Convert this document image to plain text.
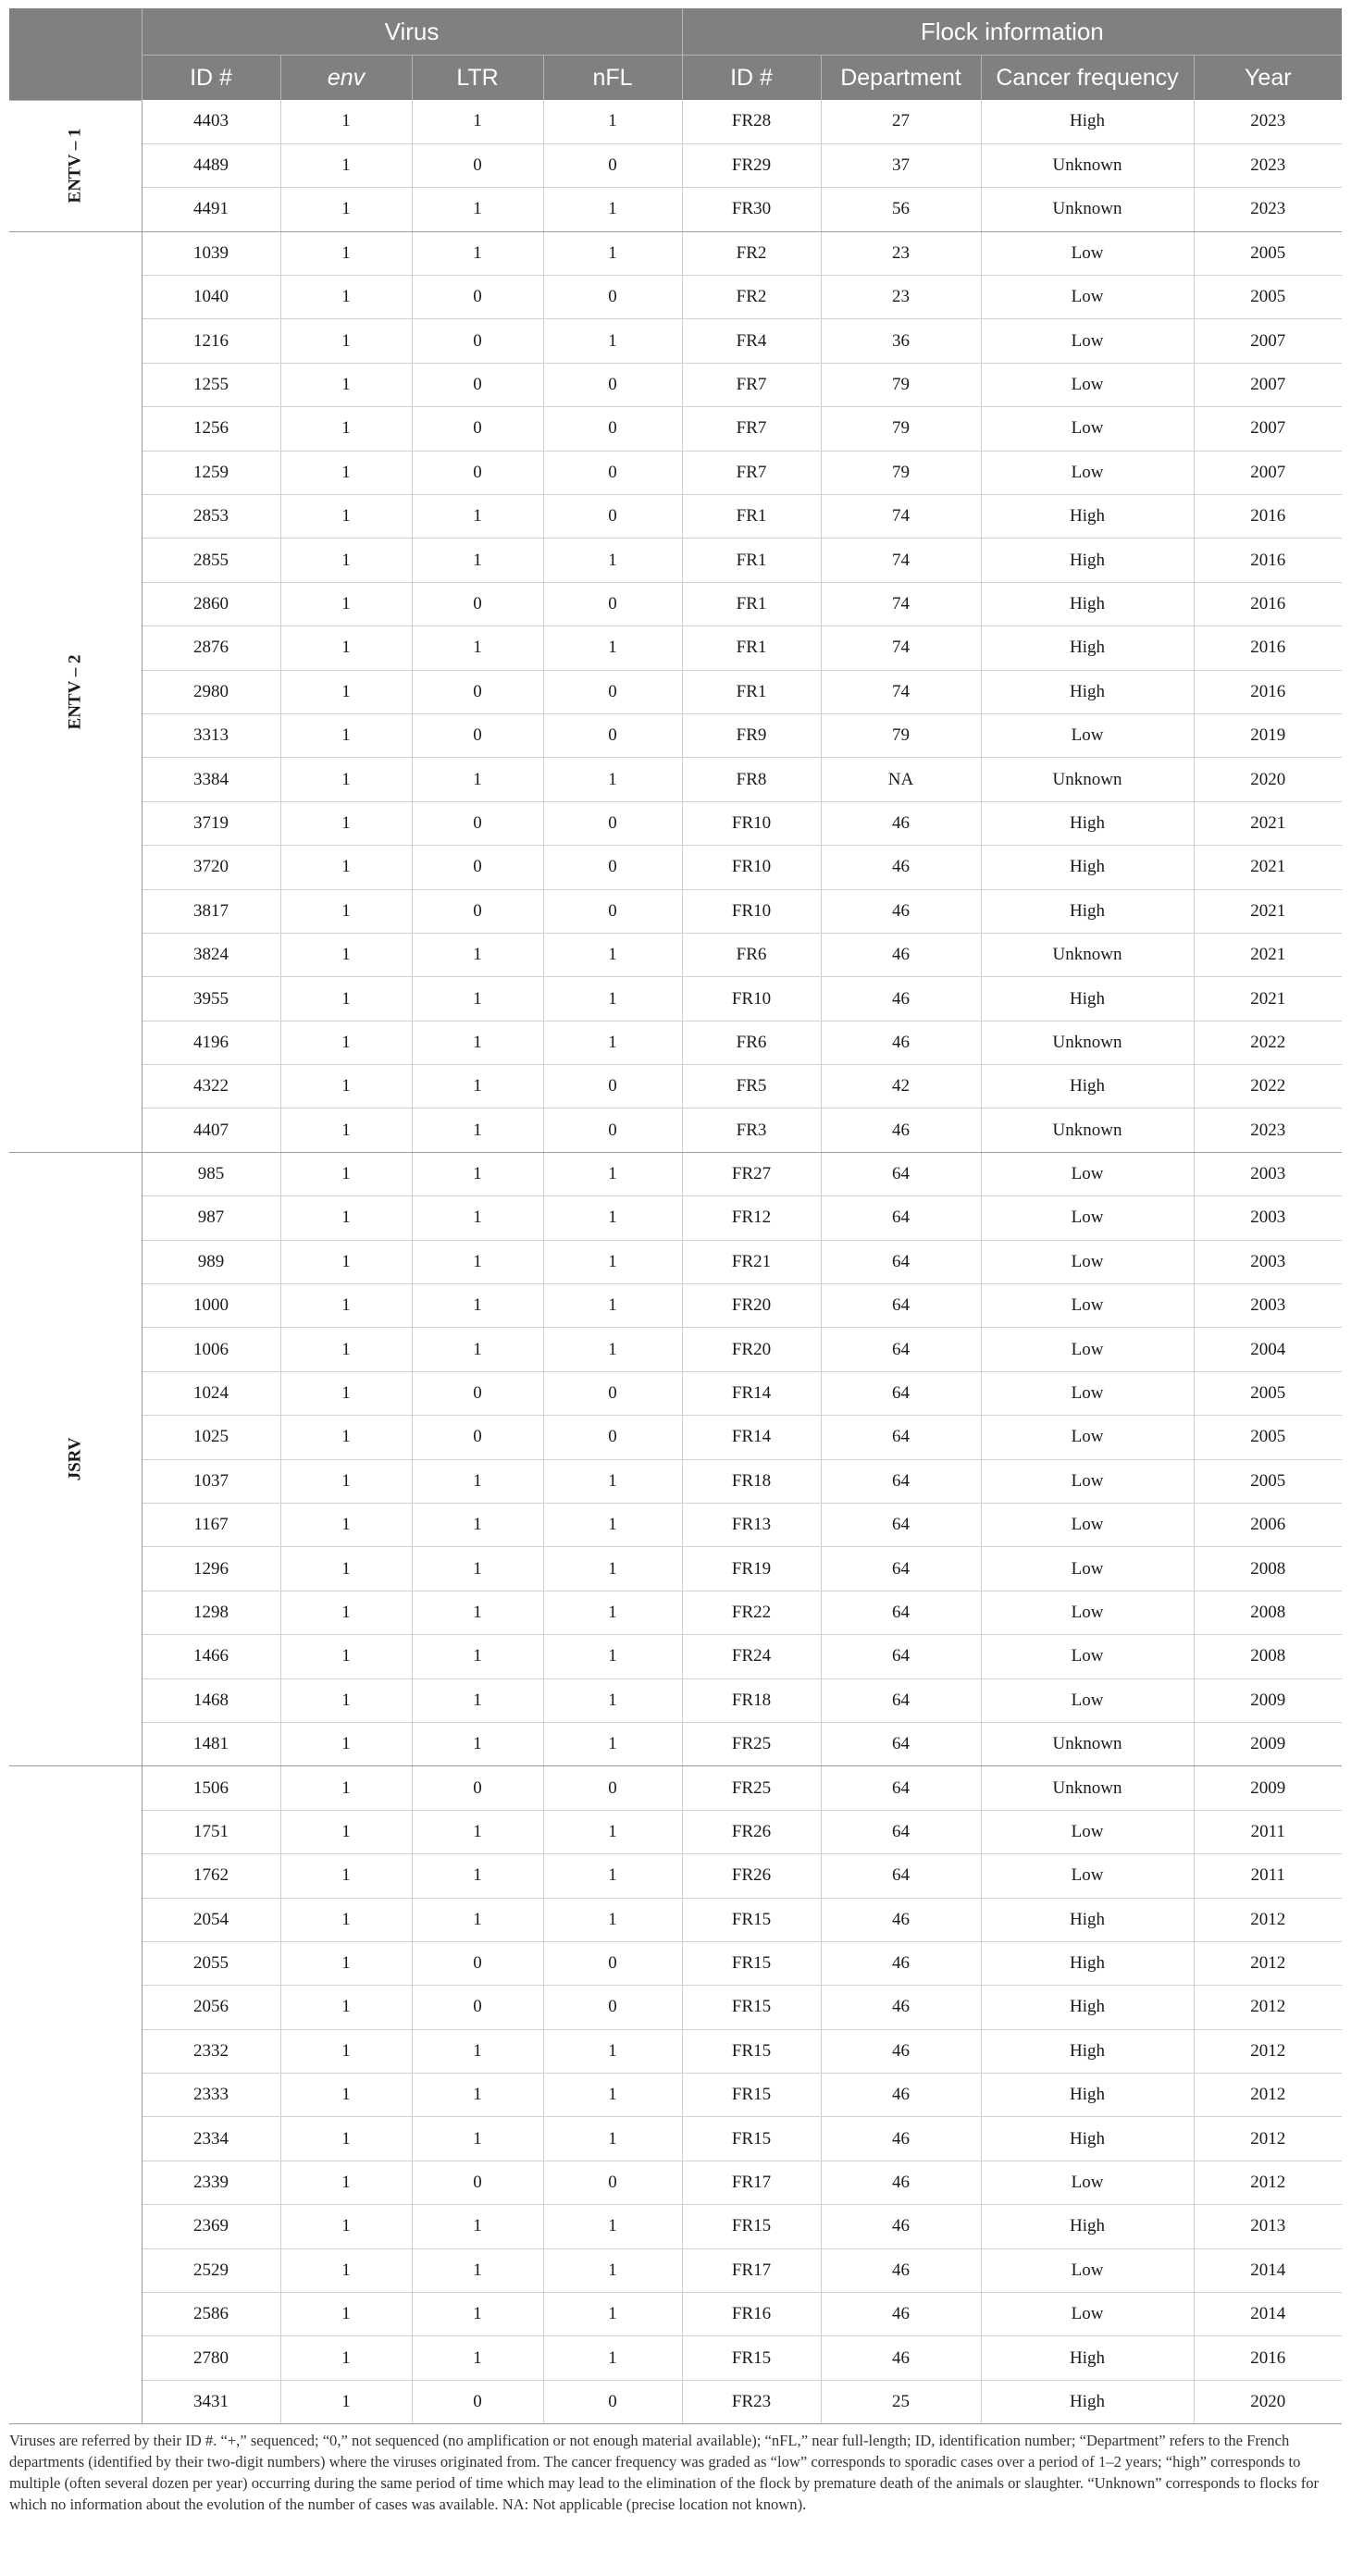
	Virus				Flock information			
	ID #	env	LTR	nFL	ID #	Department	Cancer frequency	Year
ENTV – 1	4403	1	1	1	FR28	27	High	2023
	4489	1	0	0	FR29	37	Unknown	2023
	4491	1	1	1	FR30	56	Unknown	2023
ENTV – 2	1039	1	1	1	FR2	23	Low	2005
	1040	1	0	0	FR2	23	Low	2005
	1216	1	0	1	FR4	36	Low	2007
	1255	1	0	0	FR7	79	Low	2007
	1256	1	0	0	FR7	79	Low	2007
	1259	1	0	0	FR7	79	Low	2007
	2853	1	1	0	FR1	74	High	2016
	2855	1	1	1	FR1	74	High	2016
	2860	1	0	0	FR1	74	High	2016
	2876	1	1	1	FR1	74	High	2016
	2980	1	0	0	FR1	74	High	2016
	3313	1	0	0	FR9	79	Low	2019
	3384	1	1	1	FR8	NA	Unknown	2020
	3719	1	0	0	FR10	46	High	2021
	3720	1	0	0	FR10	46	High	2021
	3817	1	0	0	FR10	46	High	2021
	3824	1	1	1	FR6	46	Unknown	2021
	3955	1	1	1	FR10	46	High	2021
	4196	1	1	1	FR6	46	Unknown	2022
	4322	1	1	0	FR5	42	High	2022
	4407	1	1	0	FR3	46	Unknown	2023
JSRV	985	1	1	1	FR27	64	Low	2003
	987	1	1	1	FR12	64	Low	2003
	989	1	1	1	FR21	64	Low	2003
	1000	1	1	1	FR20	64	Low	2003
	1006	1	1	1	FR20	64	Low	2004
	1024	1	0	0	FR14	64	Low	2005
	1025	1	0	0	FR14	64	Low	2005
	1037	1	1	1	FR18	64	Low	2005
	1167	1	1	1	FR13	64	Low	2006
	1296	1	1	1	FR19	64	Low	2008
	1298	1	1	1	FR22	64	Low	2008
	1466	1	1	1	FR24	64	Low	2008
	1468	1	1	1	FR18	64	Low	2009
	1481	1	1	1	FR25	64	Unknown	2009
	1506	1	0	0	FR25	64	Unknown	2009
	1751	1	1	1	FR26	64	Low	2011
	1762	1	1	1	FR26	64	Low	2011
	2054	1	1	1	FR15	46	High	2012
	2055	1	0	0	FR15	46	High	2012
	2056	1	0	0	FR15	46	High	2012
	2332	1	1	1	FR15	46	High	2012
	2333	1	1	1	FR15	46	High	2012
	2334	1	1	1	FR15	46	High	2012
	2339	1	0	0	FR17	46	Low	2012
	2369	1	1	1	FR15	46	High	2013
	2529	1	1	1	FR17	46	Low	2014
	2586	1	1	1	FR16	46	Low	2014
	2780	1	1	1	FR15	46	High	2016
	3431	1	0	0	FR23	25	High	2020
Viruses are referred by their ID #. “+,” sequenced; “0,” not sequenced (no amplification or not enough material available); “nFL,” near full-length; ID, identification number; “Department” refers to the French departments (identified by their two-digit numbers) where the viruses originated from. The cancer frequency was graded as “low” corresponds to sporadic cases over a period of 1–2 years; “high” corresponds to multiple (often several dozen per year) occurring during the same period of time which may lead to the elimination of the flock by premature death of the animals or slaughter. “Unknown” corresponds to flocks for which no information about the evolution of the number of cases was available. NA: Not applicable (precise location not known).
